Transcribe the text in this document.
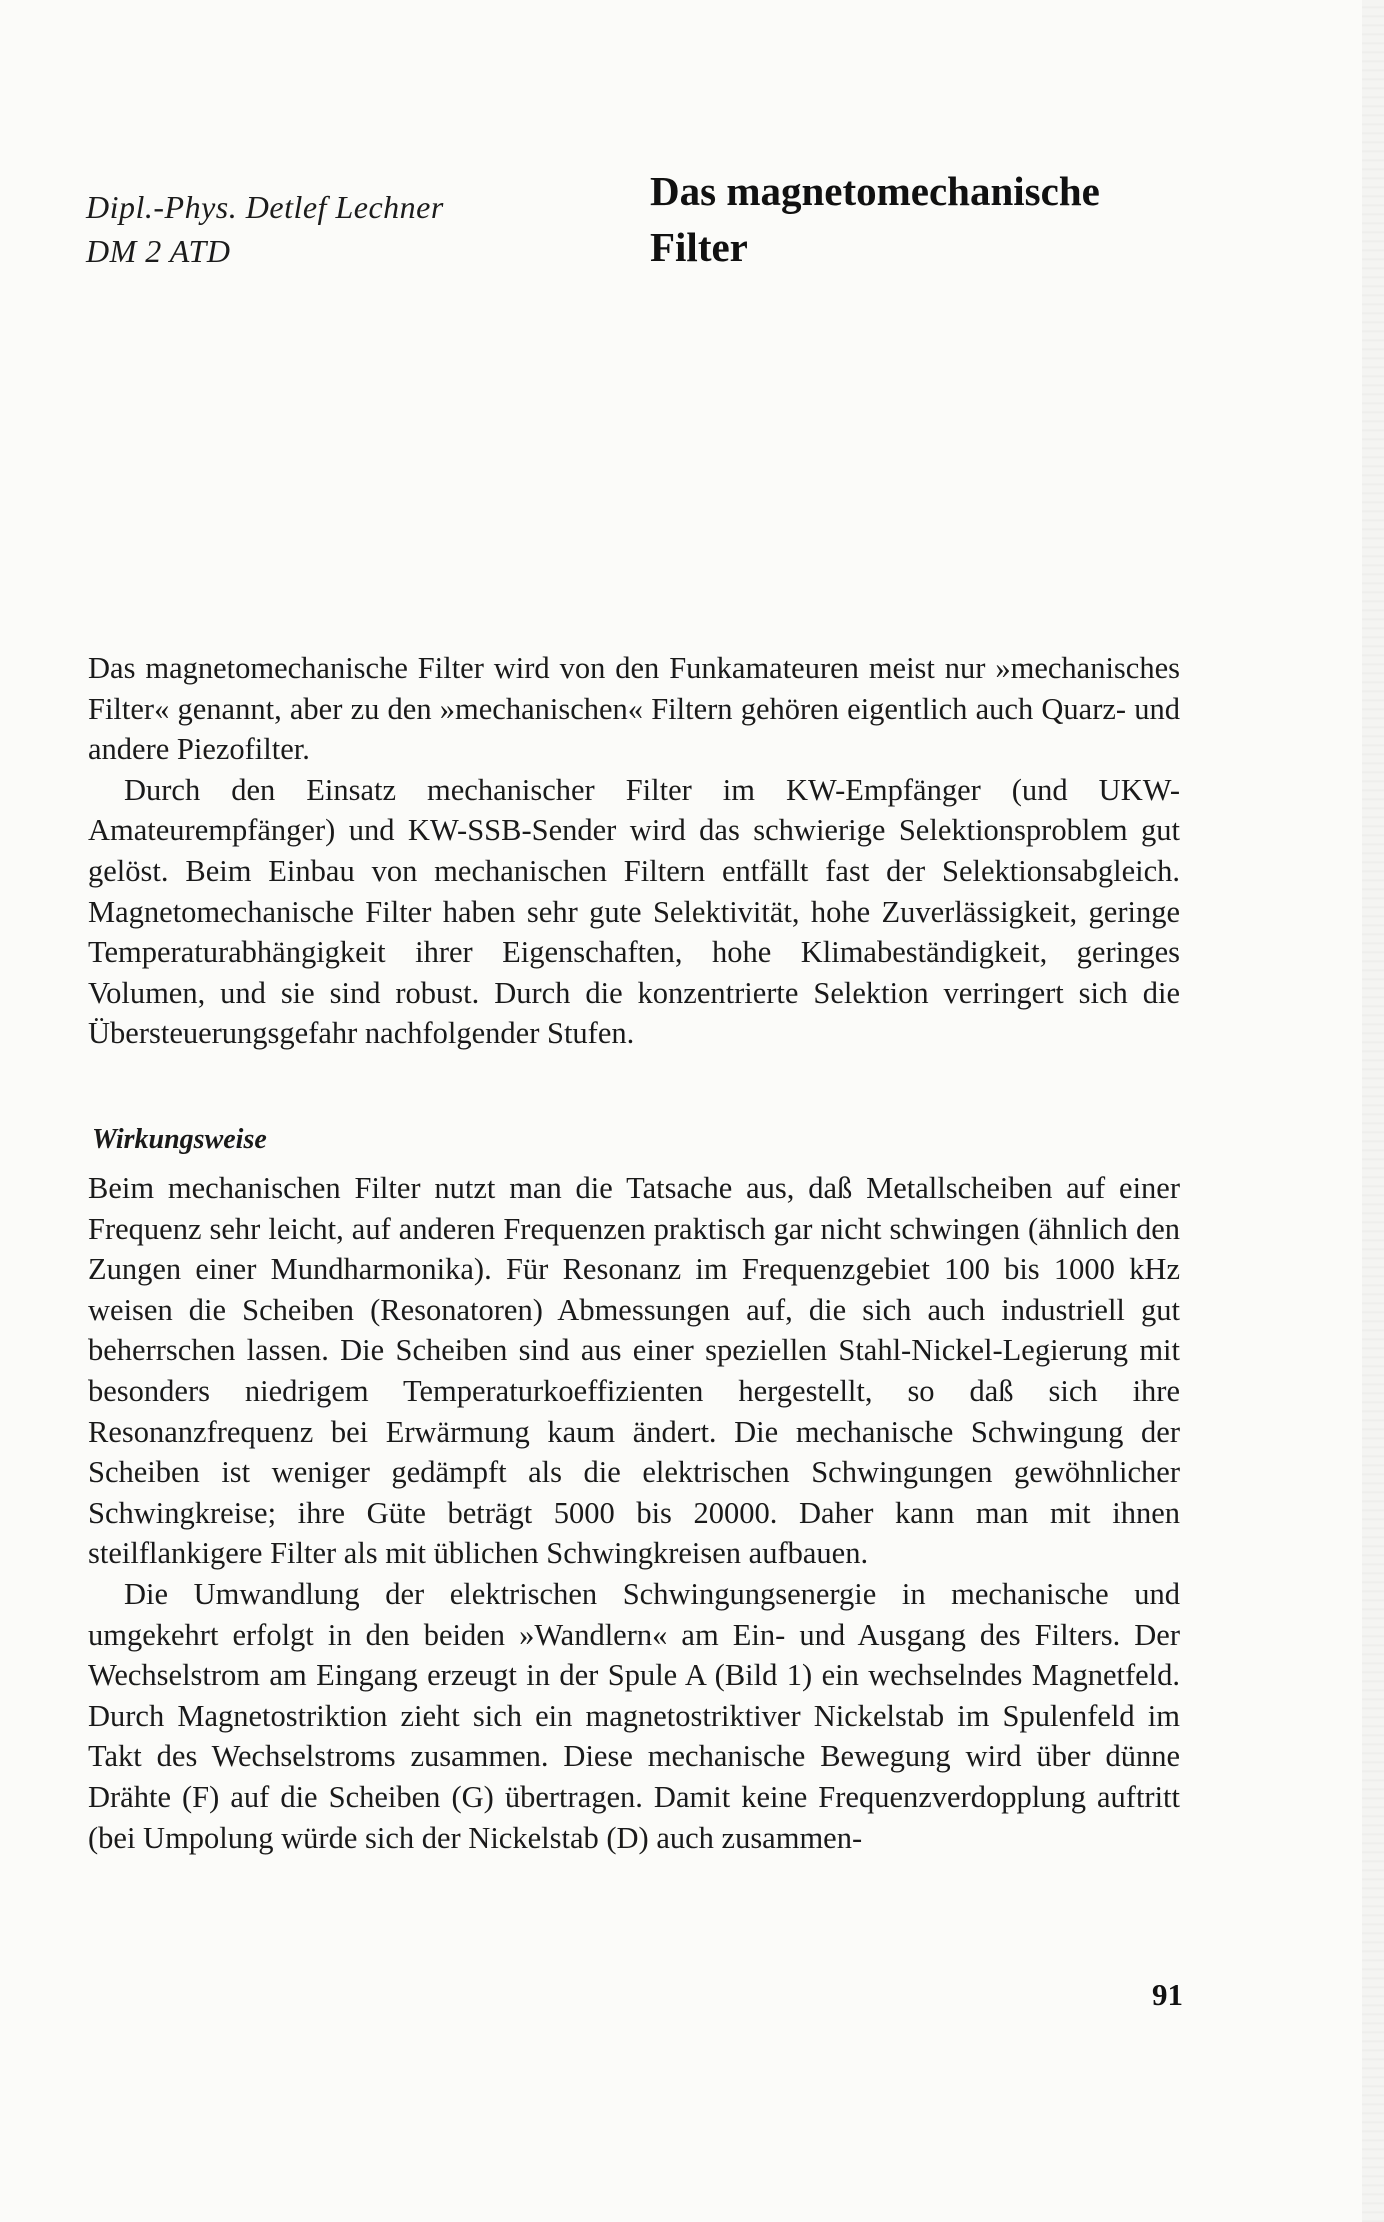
Dipl.-Phys. Detlef Lechner
DM 2 ATD
Das magnetomechanische
Filter

Das magnetomechanische Filter wird von den Funkamateuren meist nur »mechanisches Filter« genannt, aber zu den »mechanischen« Filtern gehören eigentlich auch Quarz- und andere Piezofilter.

Durch den Einsatz mechanischer Filter im KW-Empfänger (und UKW-Amateurempfänger) und KW-SSB-Sender wird das schwierige Selektionsproblem gut gelöst. Beim Einbau von mechanischen Filtern entfällt fast der Selektionsabgleich. Magnetomechanische Filter haben sehr gute Selektivität, hohe Zuverlässigkeit, geringe Temperaturabhängigkeit ihrer Eigenschaften, hohe Klimabeständigkeit, geringes Volumen, und sie sind robust. Durch die konzentrierte Selektion verringert sich die Übersteuerungsgefahr nachfolgender Stufen.

Wirkungsweise

Beim mechanischen Filter nutzt man die Tatsache aus, daß Metallscheiben auf einer Frequenz sehr leicht, auf anderen Frequenzen praktisch gar nicht schwingen (ähnlich den Zungen einer Mundharmonika). Für Resonanz im Frequenzgebiet 100 bis 1000 kHz weisen die Scheiben (Resonatoren) Abmessungen auf, die sich auch industriell gut beherrschen lassen. Die Scheiben sind aus einer speziellen Stahl-Nickel-Legierung mit besonders niedrigem Temperaturkoeffizienten hergestellt, so daß sich ihre Resonanzfrequenz bei Erwärmung kaum ändert. Die mechanische Schwingung der Scheiben ist weniger gedämpft als die elektrischen Schwingungen gewöhnlicher Schwingkreise; ihre Güte beträgt 5000 bis 20000. Daher kann man mit ihnen steilflankigere Filter als mit üblichen Schwingkreisen aufbauen.

Die Umwandlung der elektrischen Schwingungsenergie in mechanische und umgekehrt erfolgt in den beiden »Wandlern« am Ein- und Ausgang des Filters. Der Wechselstrom am Eingang erzeugt in der Spule A (Bild 1) ein wechselndes Magnetfeld. Durch Magnetostriktion zieht sich ein magnetostriktiver Nickelstab im Spulenfeld im Takt des Wechselstroms zusammen. Diese mechanische Bewegung wird über dünne Drähte (F) auf die Scheiben (G) übertragen. Damit keine Frequenzverdopplung auftritt (bei Umpolung würde sich der Nickelstab (D) auch zusammen-

91
